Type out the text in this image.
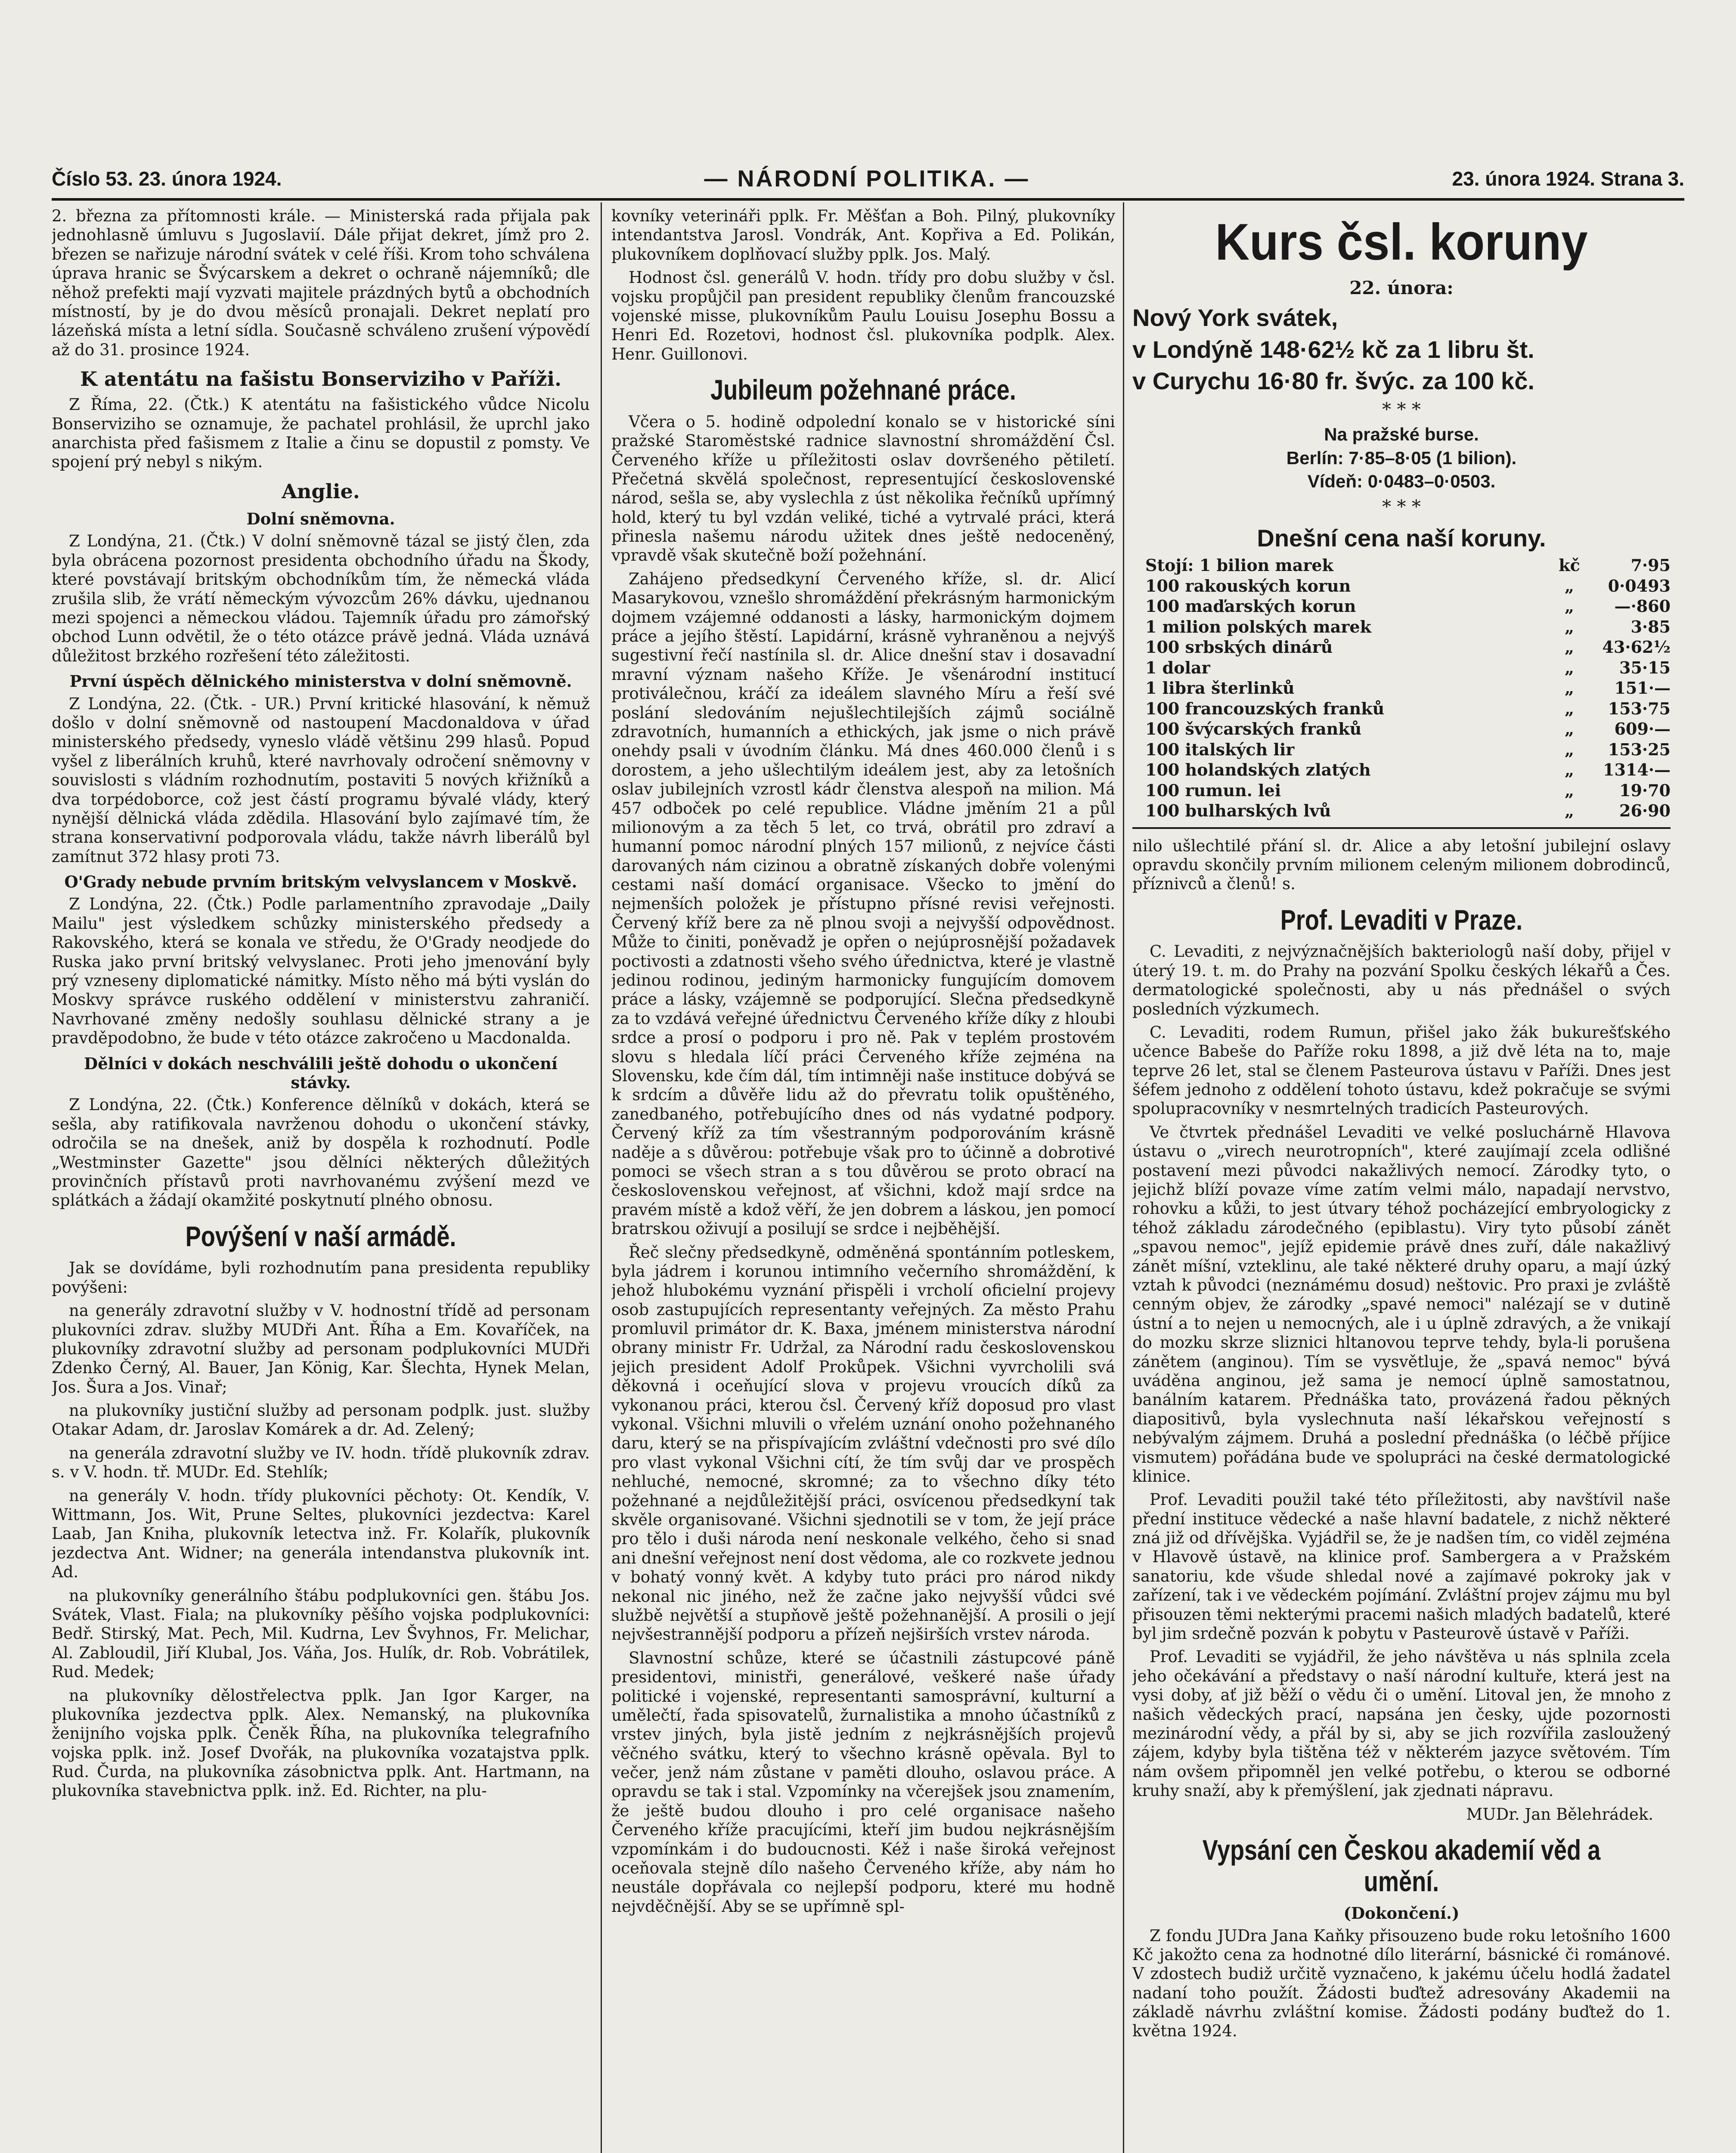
Číslo 53. 23. února 1924.	— NÁRODNÍ POLITIKA. —	23. února 1924. Strana 3.

2. března za přítomnosti krále. — Ministerská rada přijala pak jednohlasně úmluvu s Jugoslavií. Dále přijat dekret, jímž pro 2. březen se nařizuje národní svátek v celé říši. Krom toho schválena úprava hranic se Švýcarskem a dekret o ochraně nájemníků; dle něhož prefekti mají vyzvati majitele prázdných bytů a obchodních místností, by je do dvou měsíců pronajali. Dekret neplatí pro lázeňská místa a letní sídla. Současně schváleno zrušení výpovědí až do 31. prosince 1924.

K atentátu na fašistu Bonserviziho v Paříži.

Z Říma, 22. (Čtk.) K atentátu na fašistického vůdce Nicolu Bonserviziho se oznamuje, že pachatel prohlásil, že uprchl jako anarchista před fašismem z Italie a činu se dopustil z pomsty. Ve spojení prý nebyl s nikým.

Anglie.
Dolní sněmovna.

Z Londýna, 21. (Čtk.) V dolní sněmovně tázal se jistý člen, zda byla obrácena pozornost presidenta obchodního úřadu na Škody, které povstávají britským obchodníkům tím, že německá vláda zrušila slib, že vrátí německým vývozcům 26% dávku, ujednanou mezi spojenci a německou vládou. Tajemník úřadu pro zámořský obchod Lunn odvětil, že o této otázce právě jedná. Vláda uznává důležitost brzkého rozřešení této záležitosti.

První úspěch dělnického ministerstva v dolní sněmovně.

Z Londýna, 22. (Čtk. - UR.) První kritické hlasování, k němuž došlo v dolní sněmovně od nastoupení Macdonaldova v úřad ministerského předsedy, vyneslo vládě většinu 299 hlasů. Popud vyšel z liberálních kruhů, které navrhovaly odročení sněmovny v souvislosti s vládním rozhodnutím, postaviti 5 nových křižníků a dva torpédoborce, což jest částí programu bývalé vlády, který nynější dělnická vláda zdědila. Hlasování bylo zajímavé tím, že strana konservativní podporovala vládu, takže návrh liberálů byl zamítnut 372 hlasy proti 73.

O'Grady nebude prvním britským velvyslancem v Moskvě.

Z Londýna, 22. (Čtk.) Podle parlamentního zpravodaje „Daily Mailu" jest výsledkem schůzky ministerského předsedy a Rakovského, která se konala ve středu, že O'Grady neodjede do Ruska jako první britský velvyslanec. Proti jeho jmenování byly prý vzneseny diplomatické námitky. Místo něho má býti vyslán do Moskvy správce ruského oddělení v ministerstvu zahraničí. Navrhované změny nedošly souhlasu dělnické strany a je pravděpodobno, že bude v této otázce zakročeno u Macdonalda.

Dělníci v dokách neschválili ještě dohodu o ukončení stávky.

Z Londýna, 22. (Čtk.) Konference dělníků v dokách, která se sešla, aby ratifikovala navrženou dohodu o ukončení stávky, odročila se na dnešek, aniž by dospěla k rozhodnutí. Podle „Westminster Gazette" jsou dělníci některých důležitých provinčních přístavů proti navrhovanému zvýšení mezd ve splátkách a žádají okamžité poskytnutí plného obnosu.

Povýšení v naší armádě.

Jak se dovídáme, byli rozhodnutím pana presidenta republiky povýšeni:

na generály zdravotní služby v V. hodnostní třídě ad personam plukovníci zdrav. služby MUDři Ant. Říha a Em. Kovaříček, na plukovníky zdravotní služby ad personam podplukovníci MUDři Zdenko Černý, Al. Bauer, Jan König, Kar. Šlechta, Hynek Melan, Jos. Šura a Jos. Vinař;

na plukovníky justiční služby ad personam podplk. just. služby Otakar Adam, dr. Jaroslav Komárek a dr. Ad. Zelený;

na generála zdravotní služby ve IV. hodn. třídě plukovník zdrav. s. v V. hodn. tř. MUDr. Ed. Stehlík;

na generály V. hodn. třídy plukovníci pěchoty: Ot. Kendík, V. Wittmann, Jos. Wit, Prune Seltes, plukovníci jezdectva: Karel Laab, Jan Kniha, plukovník letectva inž. Fr. Kolařík, plukovník jezdectva Ant. Widner; na generála intendanstva plukovník int. Ad.

na plukovníky generálního štábu podplukovníci gen. štábu Jos. Svátek, Vlast. Fiala; na plukovníky pěšího vojska podplukovníci: Bedř. Stirský, Mat. Pech, Mil. Kudrna, Lev Švyhnos, Fr. Melichar, Al. Zabloudil, Jiří Klubal, Jos. Váňa, Jos. Hulík, dr. Rob. Vobrátilek, Rud. Medek;

na plukovníky dělostřelectva pplk. Jan Igor Karger, na plukovníka jezdectva pplk. Alex. Nemanský, na plukovníka ženijního vojska pplk. Čeněk Říha, na plukovníka telegrafního vojska pplk. inž. Josef Dvořák, na plukovníka vozatajstva pplk. Rud. Čurda, na plukovníka zásobnictva pplk. Ant. Hartmann, na plukovníka stavebnictva pplk. inž. Ed. Richter, na plu-

kovníky veterináři pplk. Fr. Měšťan a Boh. Pilný, plukovníky intendantstva Jarosl. Vondrák, Ant. Kopřiva a Ed. Polikán, plukovníkem doplňovací služby pplk. Jos. Malý.

Hodnost čsl. generálů V. hodn. třídy pro dobu služby v čsl. vojsku propůjčil pan president republiky členům francouzské vojenské misse, plukovníkům Paulu Louisu Josephu Bossu a Henri Ed. Rozetovi, hodnost čsl. plukovníka podplk. Alex. Henr. Guillonovi.

Jubileum požehnané práce.

Včera o 5. hodině odpolední konalo se v historické síni pražské Staroměstské radnice slavnostní shromáždění Čsl. Červeného kříže u příležitosti oslav dovršeného pětiletí. Přečetná skvělá společnost, representující československé národ, sešla se, aby vyslechla z úst několika řečníků upřímný hold, který tu byl vzdán veliké, tiché a vytrvalé práci, která přinesla našemu národu užitek dnes ještě nedoceněný, vpravdě však skutečně boží požehnání.

Zahájeno předsedkyní Červeného kříže, sl. dr. Alicí Masarykovou, vznešlo shromáždění překrásným harmonickým dojmem vzájemné oddanosti a lásky, harmonickým dojmem práce a jejího štěstí. Lapidární, krásně vyhraněnou a nejvýš sugestivní řečí nastínila sl. dr. Alice dnešní stav i dosavadní mravní význam našeho Kříže. Je všenárodní institucí protiválečnou, kráčí za ideálem slavného Míru a řeší své poslání sledováním nejušlechtilejších zájmů sociálně zdravotních, humanních a ethických, jak jsme o nich právě onehdy psali v úvodním článku. Má dnes 460.000 členů i s dorostem, a jeho ušlechtilým ideálem jest, aby za letošních oslav jubilejních vzrostl kádr členstva alespoň na milion. Má 457 odboček po celé republice. Vládne jměním 21 a půl milionovým a za těch 5 let, co trvá, obrátil pro zdraví a humanní pomoc národní plných 157 milionů, z nejvíce části darovaných nám cizinou a obratně získaných dobře volenými cestami naší domácí organisace. Všecko to jmění do nejmenších položek je přístupno přísné revisi veřejnosti. Červený kříž bere za ně plnou svoji a nejvyšší odpovědnost. Může to činiti, poněvadž je opřen o nejúprosnější požadavek poctivosti a zdatnosti všeho svého úřednictva, které je vlastně jedinou rodinou, jediným harmonicky fungujícím domovem práce a lásky, vzájemně se podporující. Slečna předsedkyně za to vzdává veřejné úřednictvu Červeného kříže díky z hloubi srdce a prosí o podporu i pro ně. Pak v teplém prostovém slovu s hledala líčí práci Červeného kříže zejména na Slovensku, kde čím dál, tím intimněji naše instituce dobývá se k srdcím a důvěře lidu až do převratu tolik opuštěného, zanedbaného, potřebujícího dnes od nás vydatné podpory. Červený kříž za tím všestranným podporováním krásně naděje a s důvěrou: potřebuje však pro to účinně a dobrotivé pomoci se všech stran a s tou důvěrou se proto obrací na československou veřejnost, ať všichni, kdož mají srdce na pravém místě a kdož věří, že jen dobrem a láskou, jen pomocí bratrskou oživují a posilují se srdce i nejběhější.

Řeč slečny předsedkyně, odměněná spontánním potleskem, byla jádrem i korunou intimního večerního shromáždění, k jehož hlubokému vyznání přispěli i vrcholí oficielní projevy osob zastupujících representanty veřejných. Za město Prahu promluvil primátor dr. K. Baxa, jménem ministerstva národní obrany ministr Fr. Udržal, za Národní radu československou jejich president Adolf Prokůpek. Všichni vyvrcholili svá děkovná i oceňující slova v projevu vroucích díků za vykonanou práci, kterou čsl. Červený kříž doposud pro vlast vykonal. Všichni mluvili o vřelém uznání onoho požehnaného daru, který se na přispívajícím zvláštní vdečnosti pro své dílo pro vlast vykonal Všichni cítí, že tím svůj dar ve prospěch nehluché, nemocné, skromné; za to všechno díky této požehnané a nejdůležitější práci, osvícenou předsedkyní tak skvěle organisované. Všichni sjednotili se v tom, že její práce pro tělo i duši národa není neskonale velkého, čeho si snad ani dnešní veřejnost není dost vědoma, ale co rozkvete jednou v bohatý vonný květ. A kdyby tuto práci pro národ nikdy nekonal nic jiného, než že začne jako nejvyšší vůdci své službě největší a stupňově ještě požehnanější. A prosili o její nejvšestrannější podporu a přízeň nejširších vrstev národa.

Slavnostní schůze, které se účastnili zástupcové páně presidentovi, ministři, generálové, veškeré naše úřady politické i vojenské, representanti samosprávní, kulturní a umělečtí, řada spisovatelů, žurnalistika a mnoho účastníků z vrstev jiných, byla jistě jedním z nejkrásnějších projevů věčného svátku, který to všechno krásně opěvala. Byl to večer, jenž nám zůstane v paměti dlouho, oslavou práce. A opravdu se tak i stal. Vzpomínky na včerejšek jsou znamením, že ještě budou dlouho i pro celé organisace našeho Červeného kříže pracujícími, kteří jim budou nejkrásnějším vzpomínkám i do budoucnosti. Kéž i naše široká veřejnost oceňovala stejně dílo našeho Červeného kříže, aby nám ho neustále dopřávala co nejlepší podporu, které mu hodně nejvděčnější. Aby se se upřímně spl-

Kurs čsl. koruny
22. února:
Nový York svátek,
v Londýně 148·62½ kč za 1 libru št.
v Curychu 16·80 fr. švýc. za 100 kč.
* * *
Na pražské burse.
Berlín: 7·85–8·05 (1 bilion).
Vídeň: 0·0483–0·0503.
* * *
Dnešní cena naší koruny.
Stojí: 1 bilion marek	kč	7·95
100 rakouských korun	„	0·0493
100 maďarských korun	„	—·860
1 milion polských marek	„	3·85
100 srbských dinárů	„	43·62½
1 dolar	„	35·15
1 libra šterlinků	„	151·—
100 francouzských franků	„	153·75
100 švýcarských franků	„	609·—
100 italských lir	„	153·25
100 holandských zlatých	„	1314·—
100 rumun. lei	„	19·70
100 bulharských lvů	„	26·90

nilo ušlechtilé přání sl. dr. Alice a aby letošní jubilejní oslavy opravdu skončily prvním milionem celeným milionem dobrodinců, příznivců a členů! s.

Prof. Levaditi v Praze.

C. Levaditi, z nejvýznačnějších bakteriologů naší doby, přijel v úterý 19. t. m. do Prahy na pozvání Spolku českých lékařů a Čes. dermatologické společnosti, aby u nás přednášel o svých posledních výzkumech.

C. Levaditi, rodem Rumun, přišel jako žák bukurešťského učence Babeše do Paříže roku 1898, a již dvě léta na to, maje teprve 26 let, stal se členem Pasteurova ústavu v Paříži. Dnes jest šéfem jednoho z oddělení tohoto ústavu, kdež pokračuje se svými spolupracovníky v nesmrtelných tradicích Pasteurových.

Ve čtvrtek přednášel Levaditi ve velké posluchárně Hlavova ústavu o „virech neurotropních", které zaujímají zcela odlišné postavení mezi původci nakažlivých nemocí. Zárodky tyto, o jejichž blíží povaze víme zatím velmi málo, napadají nervstvo, rohovku a kůži, to jest útvary téhož pocházející embryologicky z téhož základu zárodečného (epiblastu). Viry tyto působí zánět „spavou nemoc", jejíž epidemie právě dnes zuří, dále nakažlivý zánět míšní, vzteklinu, ale také některé druhy oparu, a mají úzký vztah k původci (neznámému dosud) neštovic. Pro praxi je zvláště cenným objev, že zárodky „spavé nemoci" nalézají se v dutině ústní a to nejen u nemocných, ale i u úplně zdravých, a že vnikají do mozku skrze sliznici hltanovou teprve tehdy, byla-li porušena zánětem (anginou). Tím se vysvětluje, že „spavá nemoc" bývá uváděna anginou, jež sama je nemocí úplně samostatnou, banálním katarem. Přednáška tato, provázená řadou pěkných diapositivů, byla vyslechnuta naší lékařskou veřejností s nebývalým zájmem. Druhá a poslední přednáška (o léčbě příjice vismutem) pořádána bude ve spolupráci na české dermatologické klinice.

Prof. Levaditi použil také této příležitosti, aby navštívil naše přední instituce vědecké a naše hlavní badatele, z nichž některé zná již od dřívějška. Vyjádřil se, že je nadšen tím, co viděl zejména v Hlavově ústavě, na klinice prof. Sambergera a v Pražském sanatoriu, kde všude shledal nové a zajímavé pokroky jak v zařízení, tak i ve vědeckém pojímání. Zvláštní projev zájmu mu byl přisouzen těmi nekterými pracemi našich mladých badatelů, které byl jim srdečně pozván k pobytu v Pasteurově ústavě v Paříži.

Prof. Levaditi se vyjádřil, že jeho návštěva u nás splnila zcela jeho očekávání a představy o naší národní kultuře, která jest na vysi doby, ať již běží o vědu či o umění. Litoval jen, že mnoho z našich vědeckých prací, napsána jen česky, ujde pozornosti mezinárodní vědy, a přál by si, aby se jich rozvířila zasloužený zájem, kdyby byla tištěna též v některém jazyce světovém. Tím nám ovšem připomněl jen velké potřebu, o kterou se odborné kruhy snaží, aby k přemýšlení, jak zjednati nápravu.

MUDr. Jan Bělehrádek.

Vypsání cen Českou akademií věd a umění.
(Dokončení.)

Z fondu JUDra Jana Kaňky přisouzeno bude roku letošního 1600 Kč jakožto cena za hodnotné dílo literární, básnické či románové. V zdostech budiž určitě vyznačeno, k jakému účelu hodlá žadatel nadaní toho použít. Žádosti buďtež adresovány Akademii na základě návrhu zvláštní komise. Žádosti podány buďtež do 1. května 1924.
